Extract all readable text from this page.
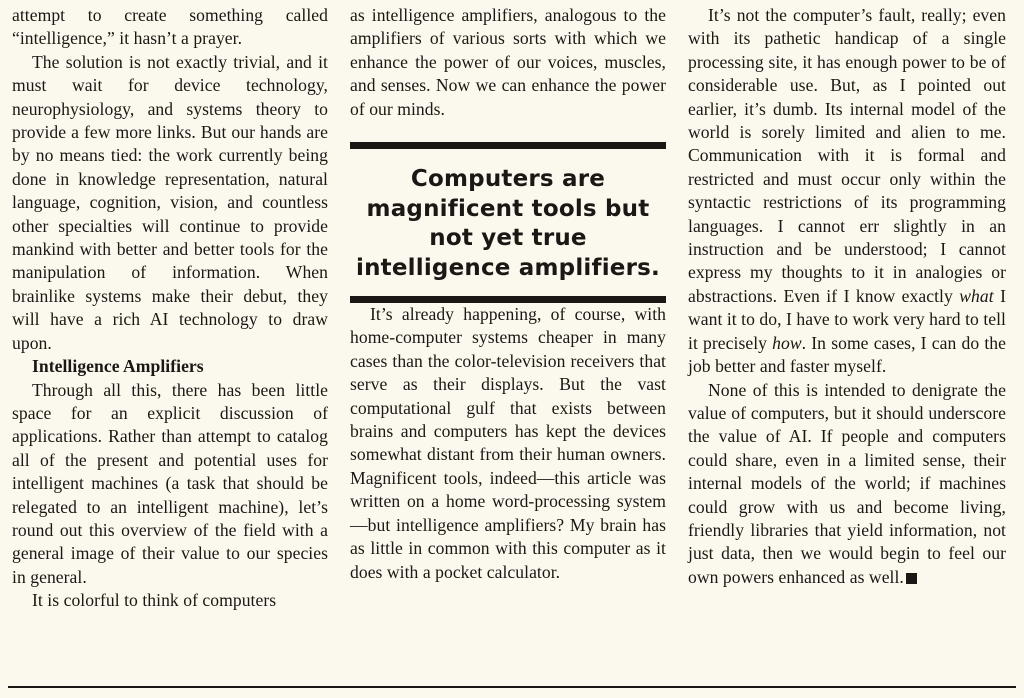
attempt to create something called “intelligence,” it hasn’t a prayer.

The solution is not exactly trivial, and it must wait for device technology, neurophysiology, and systems theory to provide a few more links. But our hands are by no means tied: the work currently being done in knowledge representation, natural language, cognition, vision, and countless other specialties will continue to provide mankind with better and better tools for the manipulation of information. When brainlike systems make their debut, they will have a rich AI technology to draw upon.

Intelligence Amplifiers

Through all this, there has been little space for an explicit discussion of applications. Rather than attempt to catalog all of the present and potential uses for intelligent machines (a task that should be relegated to an intelligent machine), let’s round out this overview of the field with a general image of their value to our species in general.

It is colorful to think of computers

as intelligence amplifiers, analogous to the amplifiers of various sorts with which we enhance the power of our voices, muscles, and senses. Now we can enhance the power of our minds.

Computers are magnificent tools but not yet true intelligence amplifiers.

It’s already happening, of course, with home-computer systems cheaper in many cases than the color-television receivers that serve as their displays. But the vast computational gulf that exists between brains and computers has kept the devices somewhat distant from their human owners. Magnificent tools, indeed—this article was written on a home word-processing system—but intelligence amplifiers? My brain has as little in common with this computer as it does with a pocket calculator.

It’s not the computer’s fault, really; even with its pathetic handicap of a single processing site, it has enough power to be of considerable use. But, as I pointed out earlier, it’s dumb. Its internal model of the world is sorely limited and alien to me. Communication with it is formal and restricted and must occur only within the syntactic restrictions of its programming languages. I cannot err slightly in an instruction and be understood; I cannot express my thoughts to it in analogies or abstractions. Even if I know exactly what I want it to do, I have to work very hard to tell it precisely how. In some cases, I can do the job better and faster myself.

None of this is intended to denigrate the value of computers, but it should underscore the value of AI. If people and computers could share, even in a limited sense, their internal models of the world; if machines could grow with us and become living, friendly libraries that yield information, not just data, then we would begin to feel our own powers enhanced as well.
